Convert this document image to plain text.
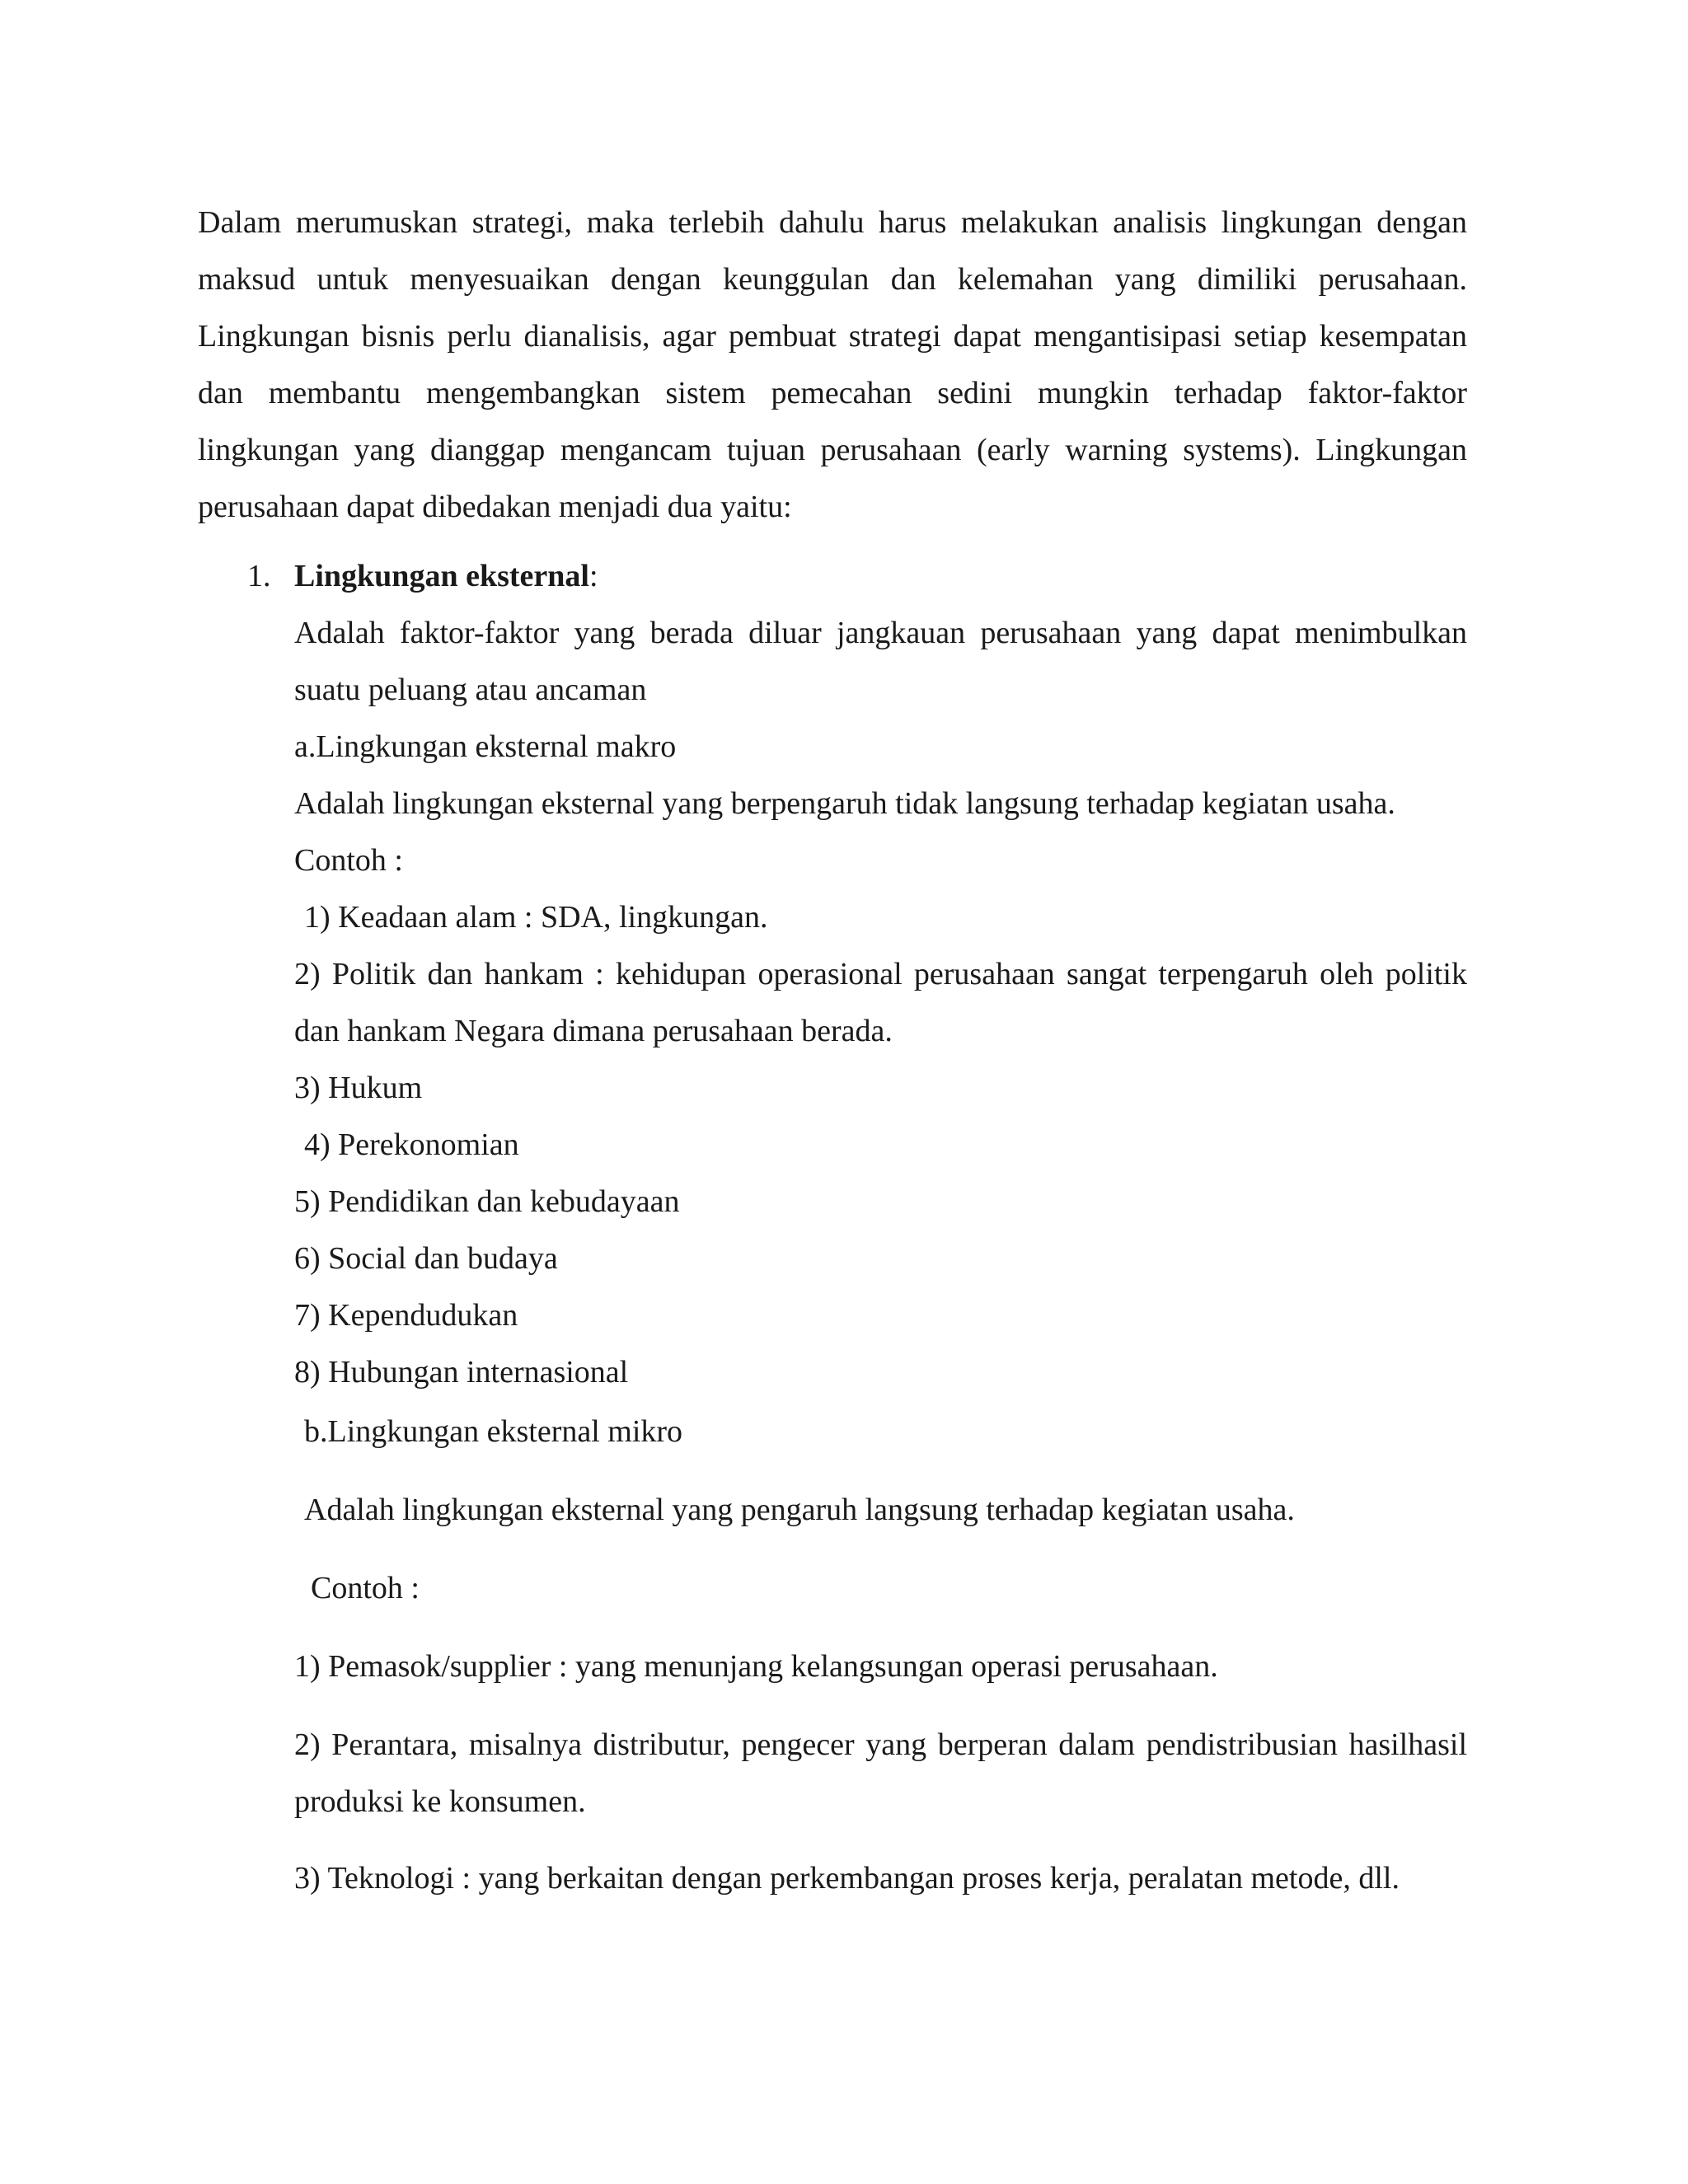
Dalam merumuskan strategi, maka terlebih dahulu harus melakukan analisis lingkungan dengan maksud untuk menyesuaikan dengan keunggulan dan kelemahan yang dimiliki perusahaan. Lingkungan bisnis perlu dianalisis, agar pembuat strategi dapat mengantisipasi setiap kesempatan dan membantu mengembangkan sistem pemecahan sedini mungkin terhadap faktor-faktor lingkungan yang dianggap mengancam tujuan perusahaan (early warning systems). Lingkungan perusahaan dapat dibedakan menjadi dua yaitu:

1. Lingkungan eksternal:

Adalah faktor-faktor yang berada diluar jangkauan perusahaan yang dapat menimbulkan suatu peluang atau ancaman

a.Lingkungan eksternal makro

Adalah lingkungan eksternal yang berpengaruh tidak langsung terhadap kegiatan usaha.

Contoh :

1) Keadaan alam : SDA, lingkungan.

2) Politik dan hankam : kehidupan operasional perusahaan sangat terpengaruh oleh politik dan hankam Negara dimana perusahaan berada.

3) Hukum

4) Perekonomian

5) Pendidikan dan kebudayaan

6) Social dan budaya

7) Kependudukan

8) Hubungan internasional

b.Lingkungan eksternal mikro

Adalah lingkungan eksternal yang pengaruh langsung terhadap kegiatan usaha.

Contoh :

1) Pemasok/supplier : yang menunjang kelangsungan operasi perusahaan.

2) Perantara, misalnya distributur, pengecer yang berperan dalam pendistribusian hasilhasil produksi ke konsumen.

3) Teknologi : yang berkaitan dengan perkembangan proses kerja, peralatan metode, dll.
